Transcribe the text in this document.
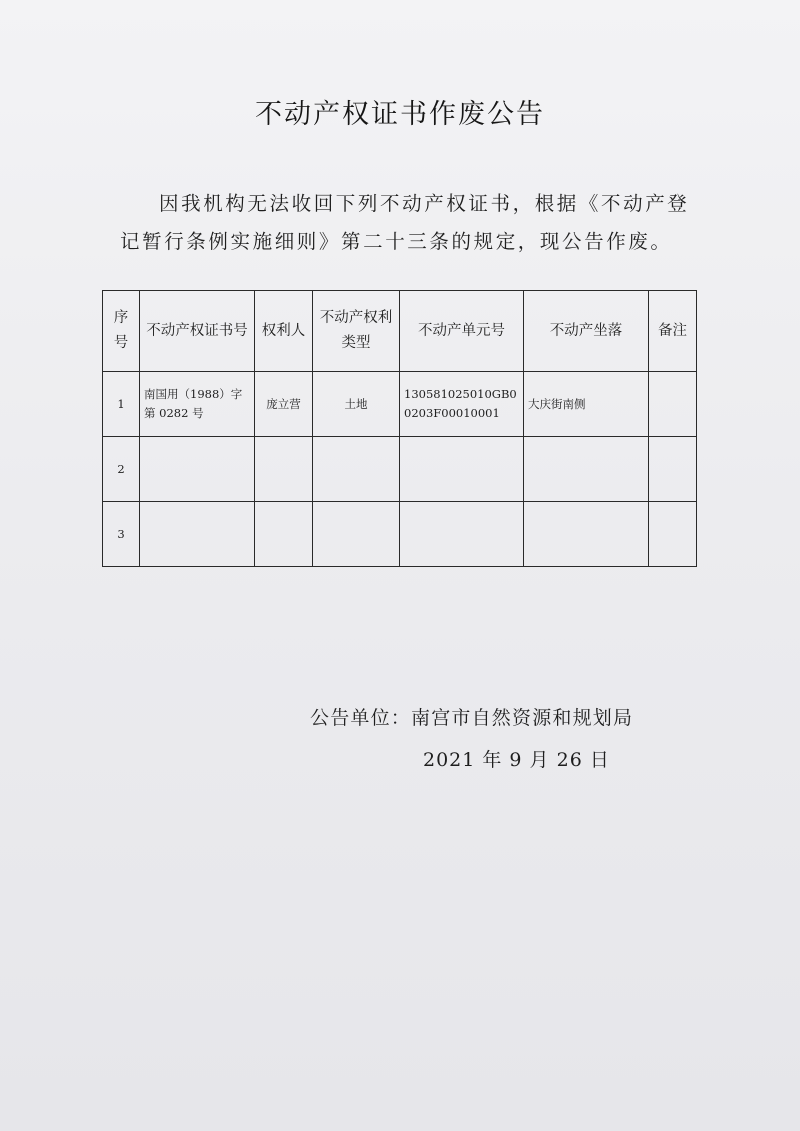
不动产权证书作废公告
因我机构无法收回下列不动产权证书，根据《不动产登记暂行条例实施细则》第二十三条的规定，现公告作废。
序号	不动产权证书号	权利人	不动产权利类型	不动产单元号	不动产坐落	备注
1	南国用（1988）字第 0282 号	庞立营	土地	130581025010GB00203F00010001	大庆街南侧	
2						
3						
公告单位：南宫市自然资源和规划局
2021 年 9 月 26 日
